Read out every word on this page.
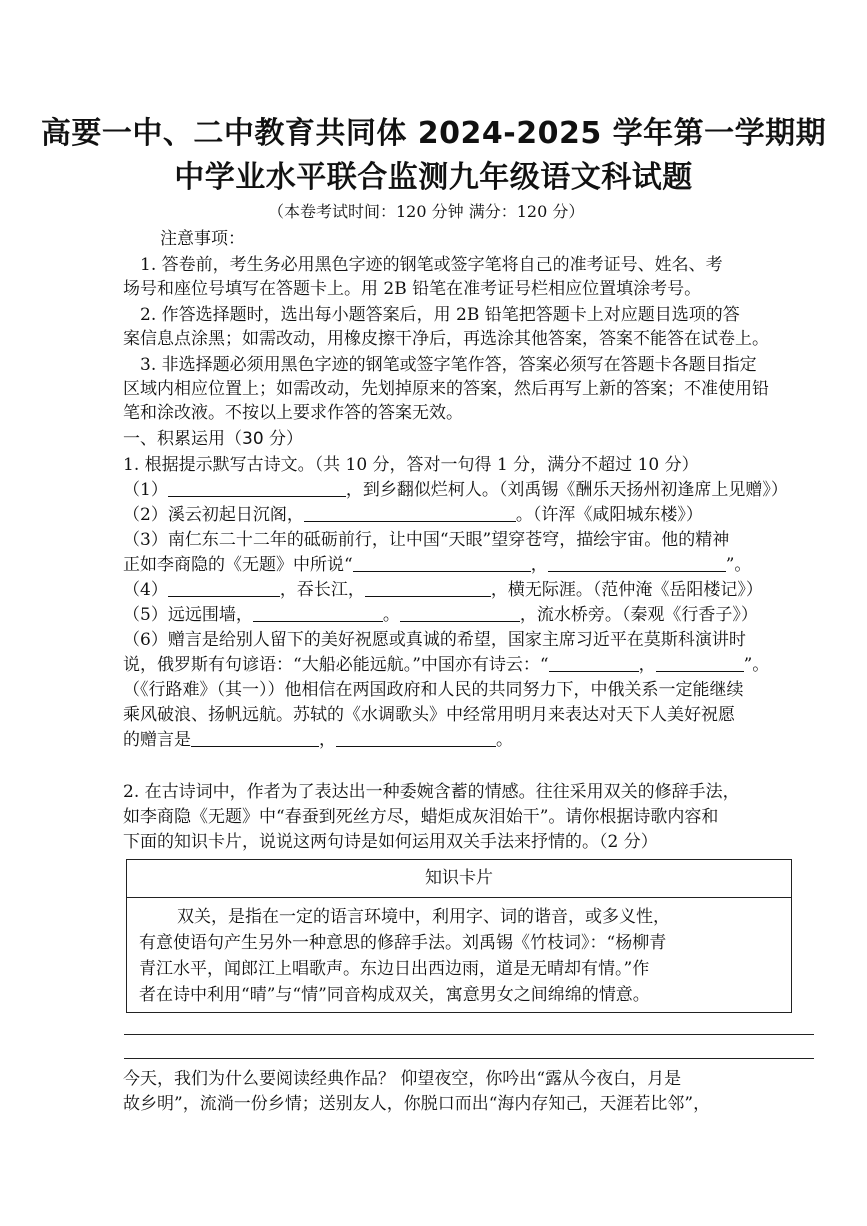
高要一中、二中教育共同体 2024-2025 学年第一学期期
中学业水平联合监测九年级语文科试题
（本卷考试时间：120 分钟 满分：120 分）
注意事项：
1. 答卷前，考生务必用黑色字迹的钢笔或签字笔将自己的准考证号、姓名、考
场号和座位号填写在答题卡上。用 2B 铅笔在准考证号栏相应位置填涂考号。
2. 作答选择题时，选出每小题答案后，用 2B 铅笔把答题卡上对应题目选项的答
案信息点涂黑；如需改动，用橡皮擦干净后，再选涂其他答案，答案不能答在试卷上。
3. 非选择题必须用黑色字迹的钢笔或签字笔作答，答案必须写在答题卡各题目指定
区域内相应位置上；如需改动，先划掉原来的答案，然后再写上新的答案；不准使用铅
笔和涂改液。不按以上要求作答的答案无效。
一、积累运用（30 分）
1. 根据提示默写古诗文。（共 10 分，答对一句得 1 分，满分不超过 10 分）
（1）	，到乡翻似烂柯人。（刘禹锡《酬乐天扬州初逢席上见赠》）
（2）溪云初起日沉阁，	。（许浑《咸阳城东楼》）
（3）南仁东二十二年的砥砺前行，让中国“天眼”望穿苍穹，描绘宇宙。他的精神
正如李商隐的《无题》中所说“	，	”。
（4）	，吞长江，	，横无际涯。（范仲淹《岳阳楼记》）
（5）远远围墙，	。	，流水桥旁。（秦观《行香子》）
（6）赠言是给别人留下的美好祝愿或真诚的希望，国家主席习近平在莫斯科演讲时
说，俄罗斯有句谚语：“大船必能远航。”中国亦有诗云：“	，	”。
（《行路难》（其一））他相信在两国政府和人民的共同努力下，中俄关系一定能继续
乘风破浪、扬帆远航。苏轼的《水调歌头》中经常用明月来表达对天下人美好祝愿
的赠言是	，	。
2. 在古诗词中，作者为了表达出一种委婉含蓄的情感。往往采用双关的修辞手法，
如李商隐《无题》中“春蚕到死丝方尽，蜡炬成灰泪始干”。请你根据诗歌内容和
下面的知识卡片，说说这两句诗是如何运用双关手法来抒情的。（2 分）
知识卡片
双关，是指在一定的语言环境中，利用字、词的谐音，或多义性，
有意使语句产生另外一种意思的修辞手法。刘禹锡《竹枝词》：“杨柳青
青江水平，闻郎江上唱歌声。东边日出西边雨，道是无晴却有情。”作
者在诗中利用“晴”与“情”同音构成双关，寓意男女之间绵绵的情意。
今天，我们为什么要阅读经典作品？ 仰望夜空，你吟出“露从今夜白，月是
故乡明”，流淌一份乡情；送别友人，你脱口而出“海内存知己，天涯若比邻”，
